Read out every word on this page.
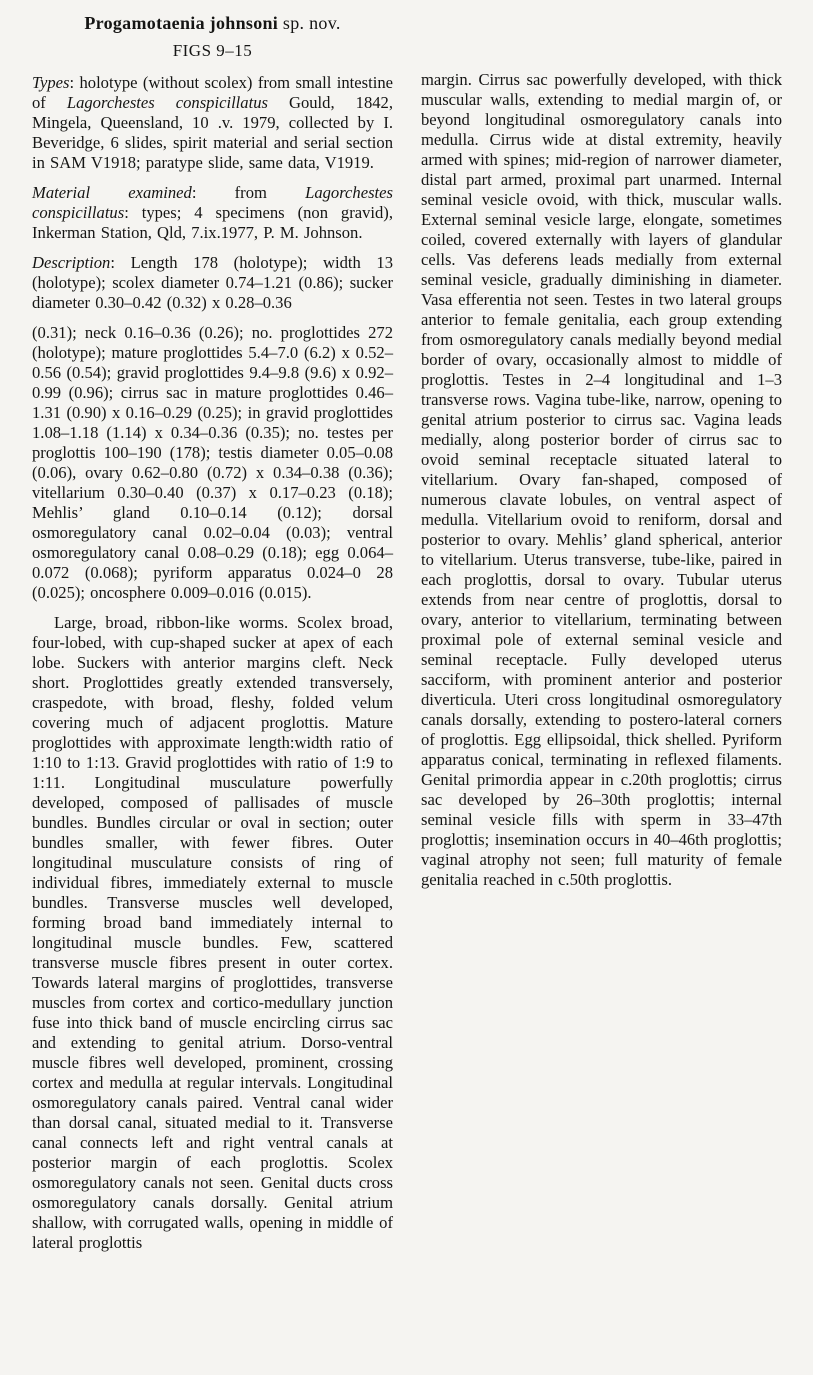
Progamotaenia johnsoni sp. nov.
FIGS 9–15

Types: holotype (without scolex) from small intestine of Lagorchestes conspicillatus Gould, 1842, Mingela, Queensland, 10 .v. 1979, collected by I. Beveridge, 6 slides, spirit material and serial section in SAM V1918; paratype slide, same data, V1919.

Material examined: from Lagorchestes conspicillatus: types; 4 specimens (non gravid), Inkerman Station, Qld, 7.ix.1977, P. M. Johnson.

Description: Length 178 (holotype); width 13 (holotype); scolex diameter 0.74–1.21 (0.86); sucker diameter 0.30–0.42 (0.32) x 0.28–0.36

(0.31); neck 0.16–0.36 (0.26); no. proglottides 272 (holotype); mature proglottides 5.4–7.0 (6.2) x 0.52–0.56 (0.54); gravid proglottides 9.4–9.8 (9.6) x 0.92–0.99 (0.96); cirrus sac in mature proglottides 0.46–1.31 (0.90) x 0.16–0.29 (0.25); in gravid proglottides 1.08–1.18 (1.14) x 0.34–0.36 (0.35); no. testes per proglottis 100–190 (178); testis diameter 0.05–0.08 (0.06), ovary 0.62–0.80 (0.72) x 0.34–0.38 (0.36); vitellarium 0.30–0.40 (0.37) x 0.17–0.23 (0.18); Mehlis’ gland 0.10–0.14 (0.12); dorsal osmoregulatory canal 0.02–0.04 (0.03); ventral osmoregulatory canal 0.08–0.29 (0.18); egg 0.064–0.072 (0.068); pyriform apparatus 0.024–0 28 (0.025); oncosphere 0.009–0.016 (0.015).

Large, broad, ribbon-like worms. Scolex broad, four-lobed, with cup-shaped sucker at apex of each lobe. Suckers with anterior margins cleft. Neck short. Proglottides greatly extended transversely, craspedote, with broad, fleshy, folded velum covering much of adjacent proglottis. Mature proglottides with approximate length:width ratio of 1:10 to 1:13. Gravid proglottides with ratio of 1:9 to 1:11. Longitudinal musculature powerfully developed, composed of pallisades of muscle bundles. Bundles circular or oval in section; outer bundles smaller, with fewer fibres. Outer longitudinal musculature consists of ring of individual fibres, immediately external to muscle bundles. Transverse muscles well developed, forming broad band immediately internal to longitudinal muscle bundles. Few, scattered transverse muscle fibres present in outer cortex. Towards lateral margins of proglottides, transverse muscles from cortex and cortico-medullary junction fuse into thick band of muscle encircling cirrus sac and extending to genital atrium. Dorso-ventral muscle fibres well developed, prominent, crossing cortex and medulla at regular intervals. Longitudinal osmoregulatory canals paired. Ventral canal wider than dorsal canal, situated medial to it. Transverse canal connects left and right ventral canals at posterior margin of each proglottis. Scolex osmoregulatory canals not seen. Genital ducts cross osmoregulatory canals dorsally. Genital atrium shallow, with corrugated walls, opening in middle of lateral proglottis

margin. Cirrus sac powerfully developed, with thick muscular walls, extending to medial margin of, or beyond longitudinal osmoregulatory canals into medulla. Cirrus wide at distal extremity, heavily armed with spines; mid-region of narrower diameter, distal part armed, proximal part unarmed. Internal seminal vesicle ovoid, with thick, muscular walls. External seminal vesicle large, elongate, sometimes coiled, covered externally with layers of glandular cells. Vas deferens leads medially from external seminal vesicle, gradually diminishing in diameter. Vasa efferentia not seen. Testes in two lateral groups anterior to female genitalia, each group extending from osmoregulatory canals medially beyond medial border of ovary, occasionally almost to middle of proglottis. Testes in 2–4 longitudinal and 1–3 transverse rows. Vagina tube-like, narrow, opening to genital atrium posterior to cirrus sac. Vagina leads medially, along posterior border of cirrus sac to ovoid seminal receptacle situated lateral to vitellarium. Ovary fan-shaped, composed of numerous clavate lobules, on ventral aspect of medulla. Vitellarium ovoid to reniform, dorsal and posterior to ovary. Mehlis’ gland spherical, anterior to vitellarium. Uterus transverse, tube-like, paired in each proglottis, dorsal to ovary. Tubular uterus extends from near centre of proglottis, dorsal to ovary, anterior to vitellarium, terminating between proximal pole of external seminal vesicle and seminal receptacle. Fully developed uterus sacciform, with prominent anterior and posterior diverticula. Uteri cross longitudinal osmoregulatory canals dorsally, extending to postero-lateral corners of proglottis. Egg ellipsoidal, thick shelled. Pyriform apparatus conical, terminating in reflexed filaments. Genital primordia appear in c.20th proglottis; cirrus sac developed by 26–30th proglottis; internal seminal vesicle fills with sperm in 33–47th proglottis; insemination occurs in 40–46th proglottis; vaginal atrophy not seen; full maturity of female genitalia reached in c.50th proglottis.
